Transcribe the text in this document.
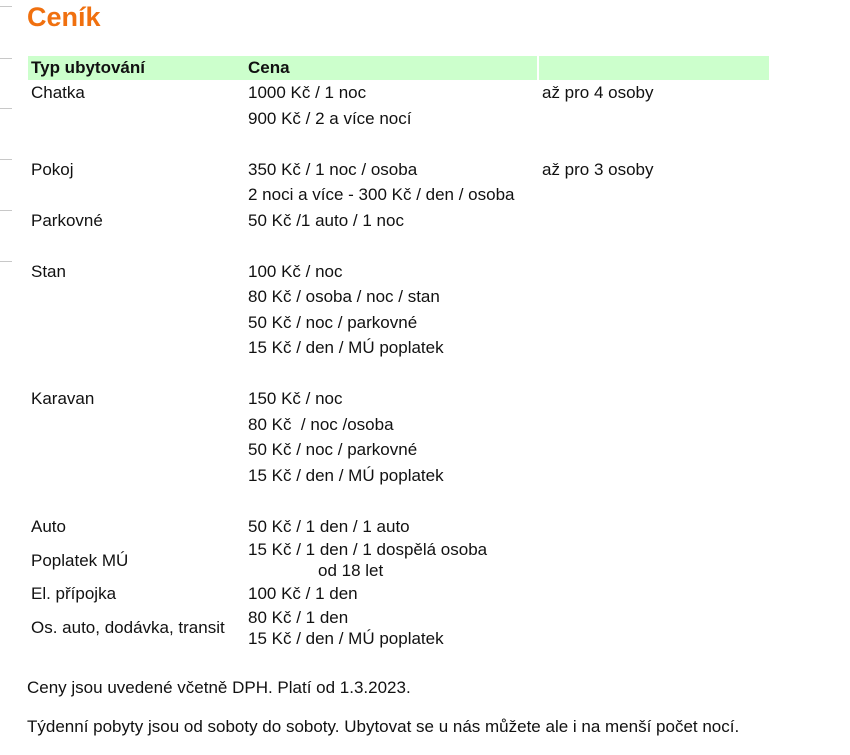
Ceník
Typ ubytování	Cena		
Chatka	1000 Kč / 1 noc		až pro 4 osoby
	900 Kč / 2 a více nocí		

Pokoj	350 Kč / 1 noc / osoba		až pro 3 osoby
	2 noci a více - 300 Kč / den / osoba		
Parkovné	50 Kč /1 auto / 1 noc		

Stan	100 Kč / noc		
	80 Kč / osoba / noc / stan		
	50 Kč / noc / parkovné		
	15 Kč / den / MÚ poplatek		

Karavan	150 Kč / noc		
	80 Kč  / noc /osoba		
	50 Kč / noc / parkovné		
	15 Kč / den / MÚ poplatek		

Auto	50 Kč / 1 den / 1 auto		
Poplatek MÚ	15 Kč / 1 den / 1 dospělá osoba
od 18 let		

El. přípojka	100 Kč / 1 den		
Os. auto, dodávka, transit	80 Kč / 1 den
15 Kč / den / MÚ poplatek		

Ceny jsou uvedené včetně DPH. Platí od 1.3.2023.

Týdenní pobyty jsou od soboty do soboty. Ubytovat se u nás můžete ale i na menší počet nocí.
